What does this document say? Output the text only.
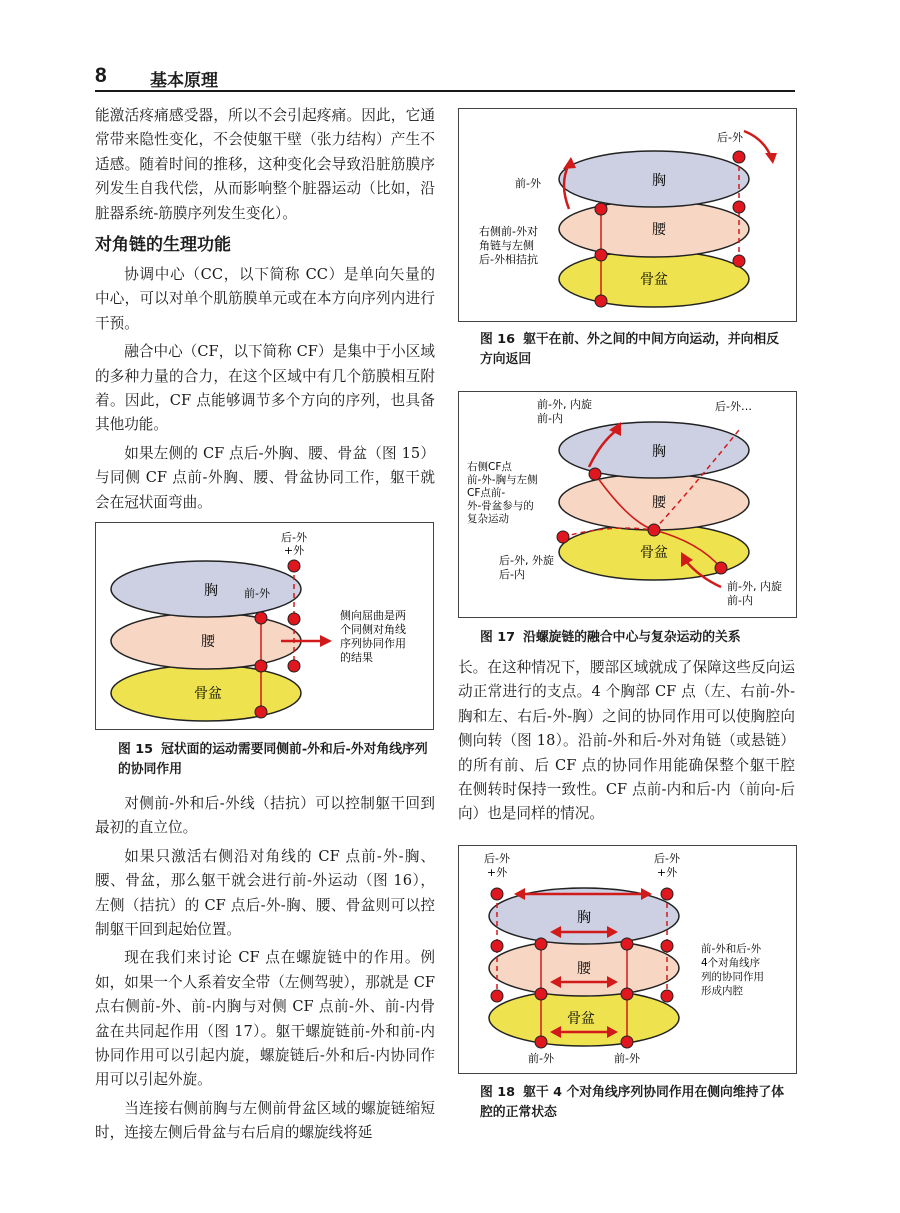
8	基本原理

能激活疼痛感受器，所以不会引起疼痛。因此，它通常带来隐性变化，不会使躯干壁（张力结构）产生不适感。随着时间的推移，这种变化会导致沿脏筋膜序列发生自我代偿，从而影响整个脏器运动（比如，沿脏器系统-筋膜序列发生变化）。

对角链的生理功能

协调中心（CC，以下简称 CC）是单向矢量的中心，可以对单个肌筋膜单元或在本方向序列内进行干预。

融合中心（CF，以下简称 CF）是集中于小区域的多种力量的合力，在这个区域中有几个筋膜相互附着。因此，CF 点能够调节多个方向的序列，也具备其他功能。

如果左侧的 CF 点后-外胸、腰、骨盆（图 15）与同侧 CF 点前-外胸、腰、骨盆协同工作，躯干就会在冠状面弯曲。

骨盆
腰
胸
后-外
+外
前-外
侧向屈曲是两
个同侧对角线
序列协同作用
的结果
图 15 冠状面的运动需要同侧前-外和后-外对角线序列的协同作用

对侧前-外和后-外线（拮抗）可以控制躯干回到最初的直立位。

如果只激活右侧沿对角线的 CF 点前-外-胸、腰、骨盆，那么躯干就会进行前-外运动（图 16），左侧（拮抗）的 CF 点后-外-胸、腰、骨盆则可以控制躯干回到起始位置。

现在我们来讨论 CF 点在螺旋链中的作用。例如，如果一个人系着安全带（左侧驾驶），那就是 CF 点右侧前-外、前-内胸与对侧 CF 点前-外、前-内骨盆在共同起作用（图 17）。躯干螺旋链前-外和前-内协同作用可以引起内旋，螺旋链后-外和后-内协同作用可以引起外旋。

当连接右侧前胸与左侧前骨盆区域的螺旋链缩短时，连接左侧后骨盆与右后肩的螺旋线将延

骨盆
腰
胸
后-外
前-外
右侧前-外对
角链与左侧
后-外相拮抗
图 16 躯干在前、外之间的中间方向运动，并向相反方向返回
骨盆
腰
胸
前-外, 内旋
前-内
后-外…
右侧CF点
前-外-胸与左侧
CF点前-
外-骨盆参与的
复杂运动
后-外, 外旋
后-内
前-外, 内旋
前-内
图 17 沿螺旋链的融合中心与复杂运动的关系

长。在这种情况下，腰部区域就成了保障这些反向运动正常进行的支点。4 个胸部 CF 点（左、右前-外-胸和左、右后-外-胸）之间的协同作用可以使胸腔向侧向转（图 18）。沿前-外和后-外对角链（或悬链）的所有前、后 CF 点的协同作用能确保整个躯干腔在侧转时保持一致性。CF 点前-内和后-内（前向-后向）也是同样的情况。

骨盆
腰
胸
后-外
+外
后-外
+外
前-外	前-外
前-外和后-外
4个对角线序
列的协同作用
形成内腔
图 18 躯干 4 个对角线序列协同作用在侧向维持了体腔的正常状态
